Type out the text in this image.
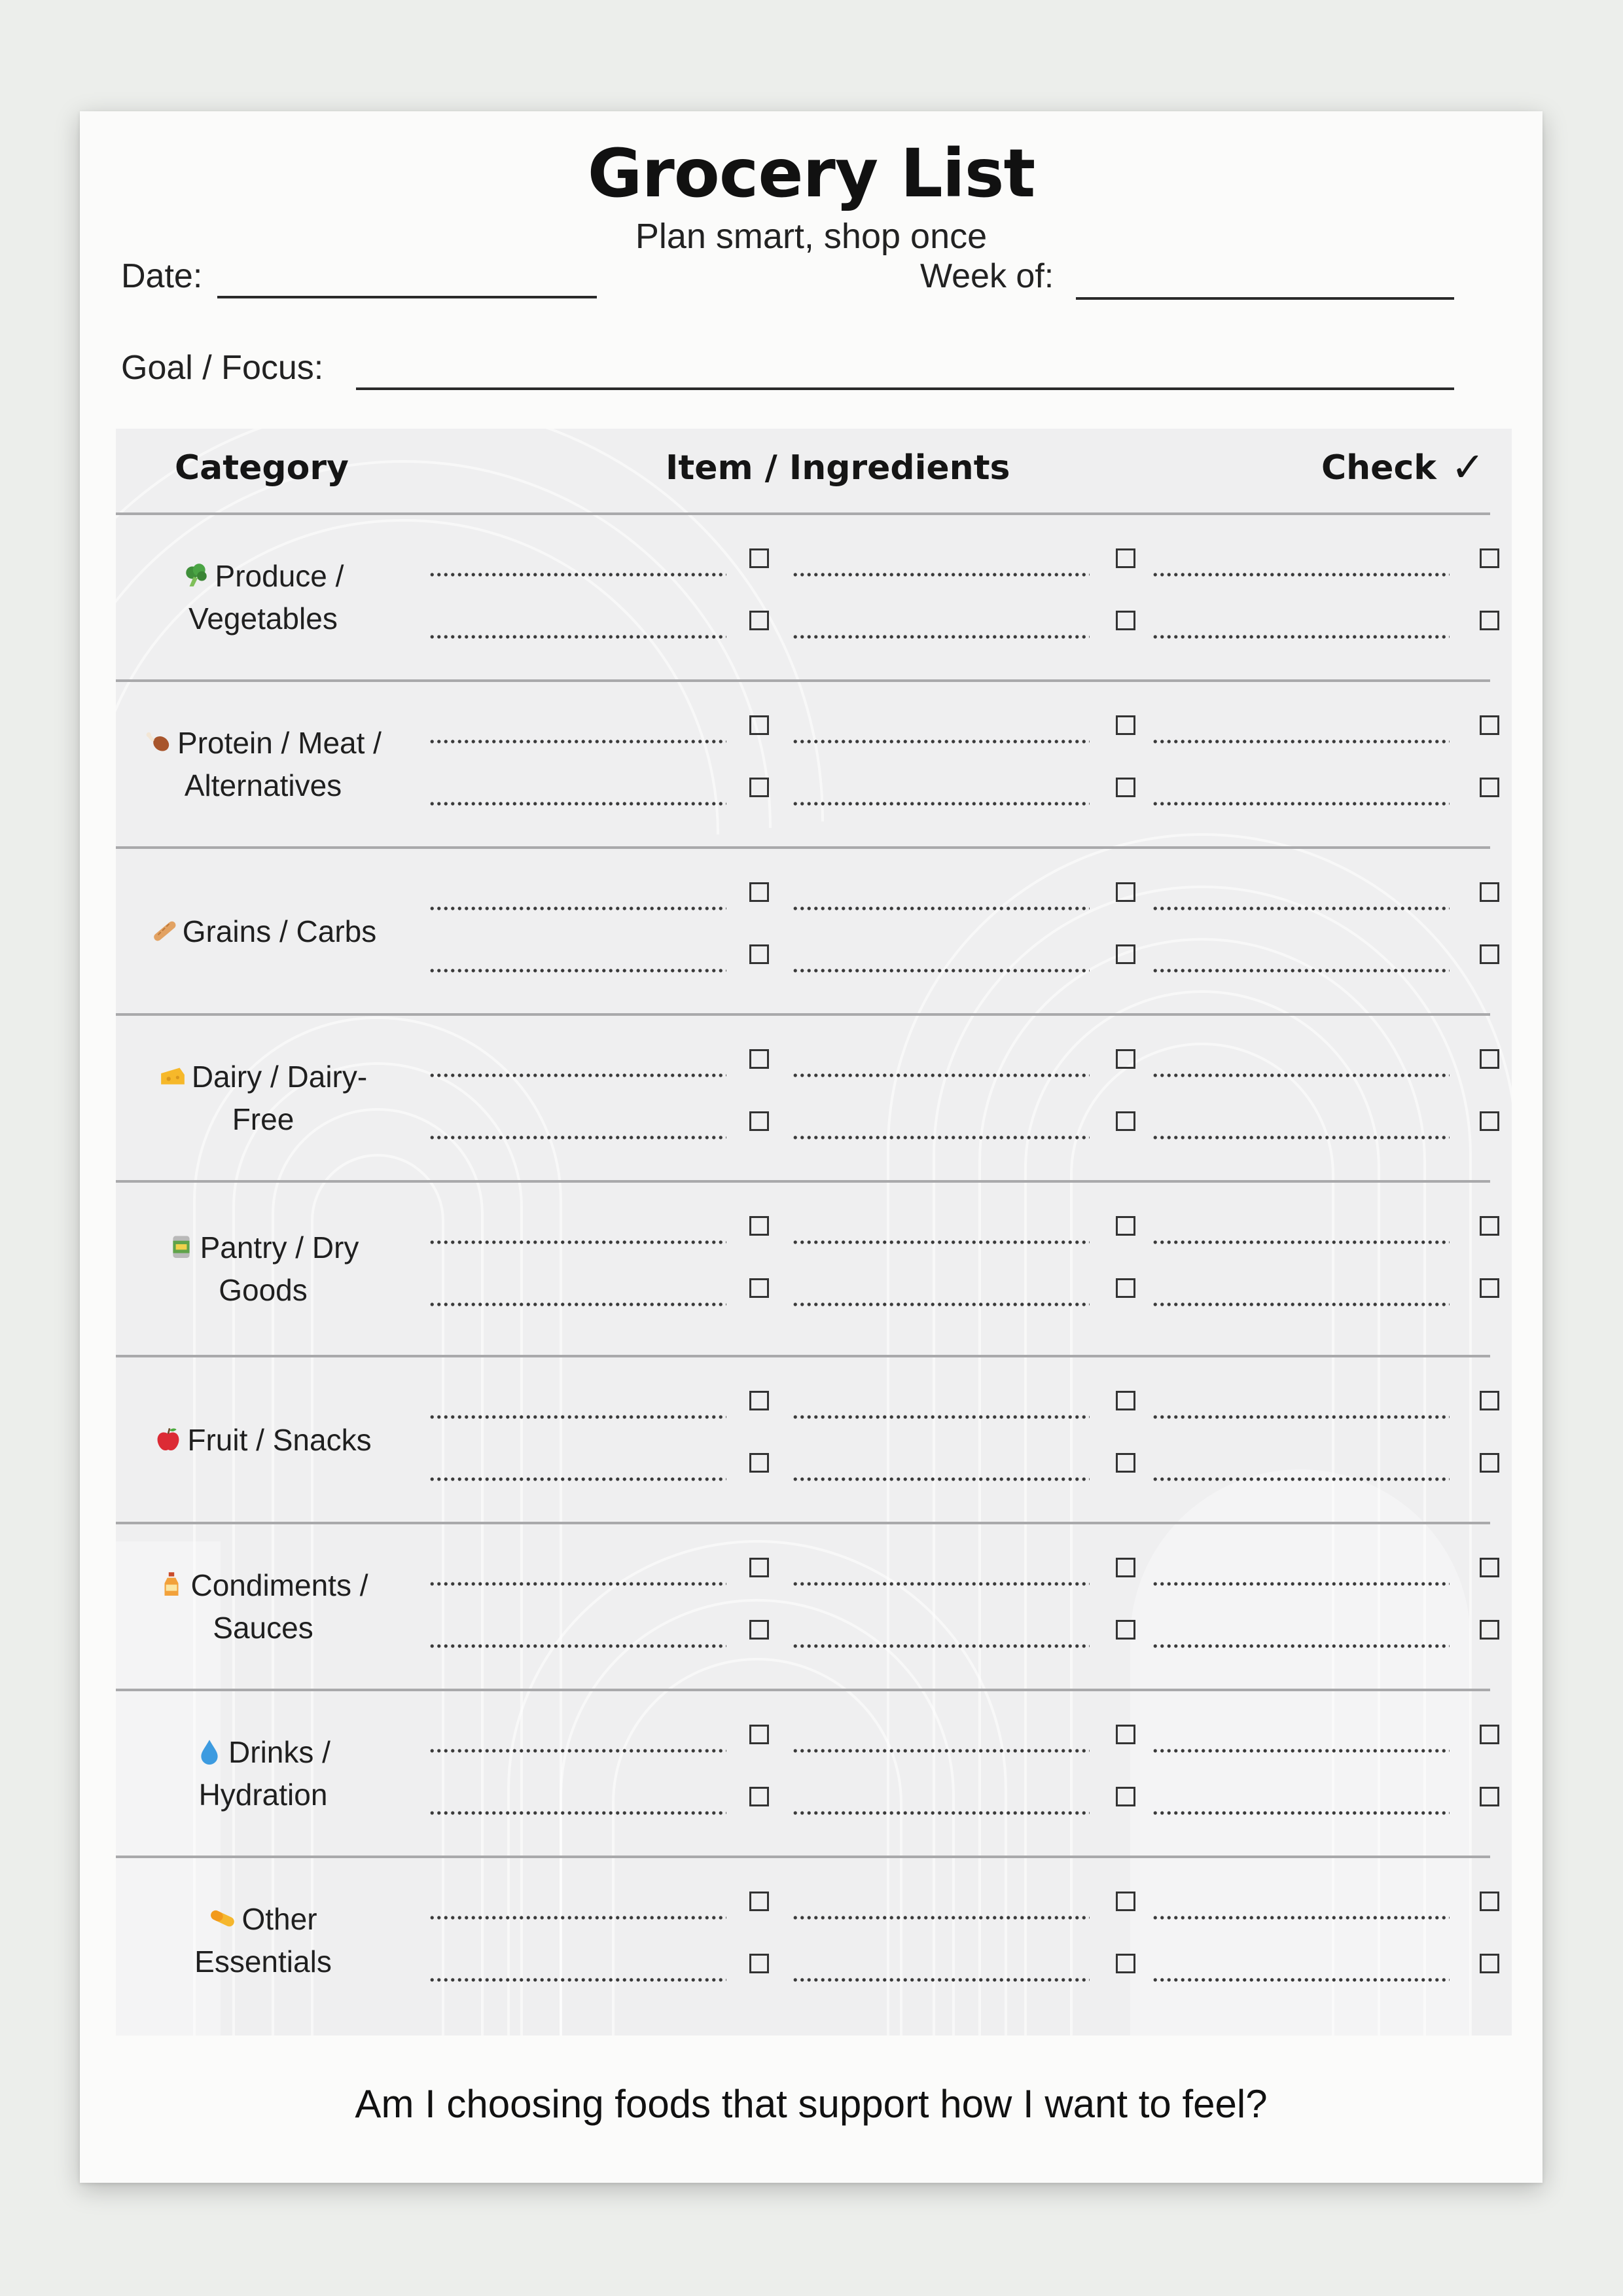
Grocery List
Plan smart, shop once
Date:	Week of:
Goal / Focus:
Category	Item / Ingredients	Check ✓
Produce / Vegetables
Protein / Meat / Alternatives
Grains / Carbs
Dairy / Dairy-Free
Pantry / Dry Goods
Fruit / Snacks
Condiments / Sauces
Drinks / Hydration
Other Essentials
Am I choosing foods that support how I want to feel?
